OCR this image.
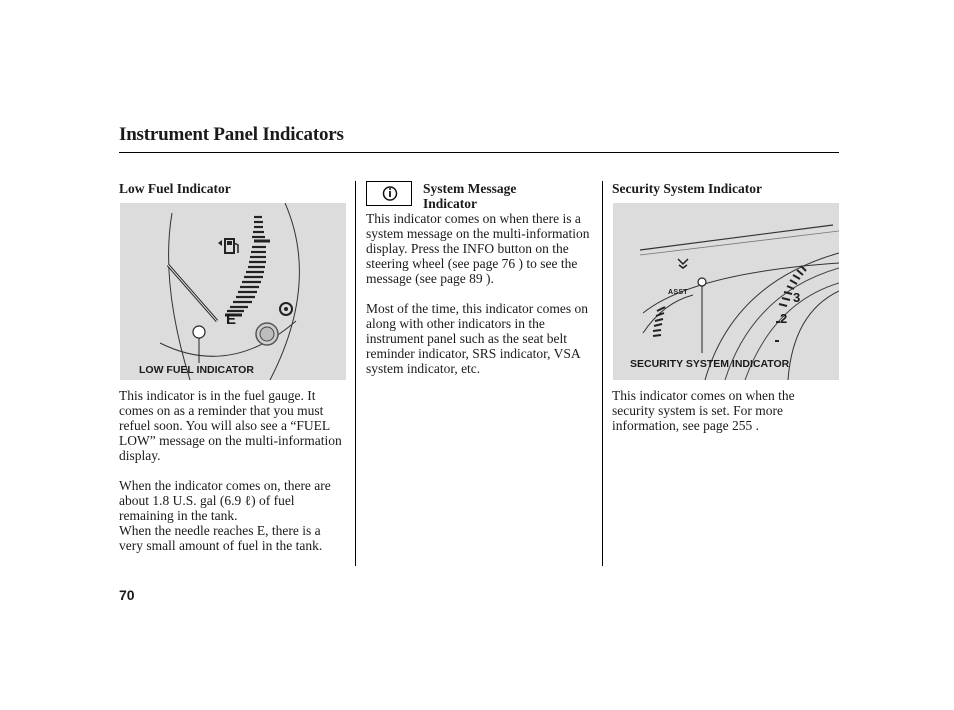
Instrument Panel Indicators
Low Fuel Indicator
E
LOW FUEL INDICATOR

This indicator is in the fuel gauge. It comes on as a reminder that you must refuel soon. You will also see a “FUEL LOW” message on the multi-information display.

When the indicator comes on, there are about 1.8 U.S. gal (6.9 ℓ) of fuel remaining in the tank.

When the needle reaches E, there is a very small amount of fuel in the tank.

System Message Indicator

This indicator comes on when there is a system message on the multi-information display. Press the INFO button on the steering wheel (see page 76 ) to see the message (see page 89 ).

Most of the time, this indicator comes on along with other indicators in the instrument panel such as the seat belt reminder indicator, SRS indicator, VSA system indicator, etc.

Security System Indicator
ASST	3
2
SECURITY SYSTEM INDICATOR

This indicator comes on when the security system is set. For more information, see page 255 .

70
